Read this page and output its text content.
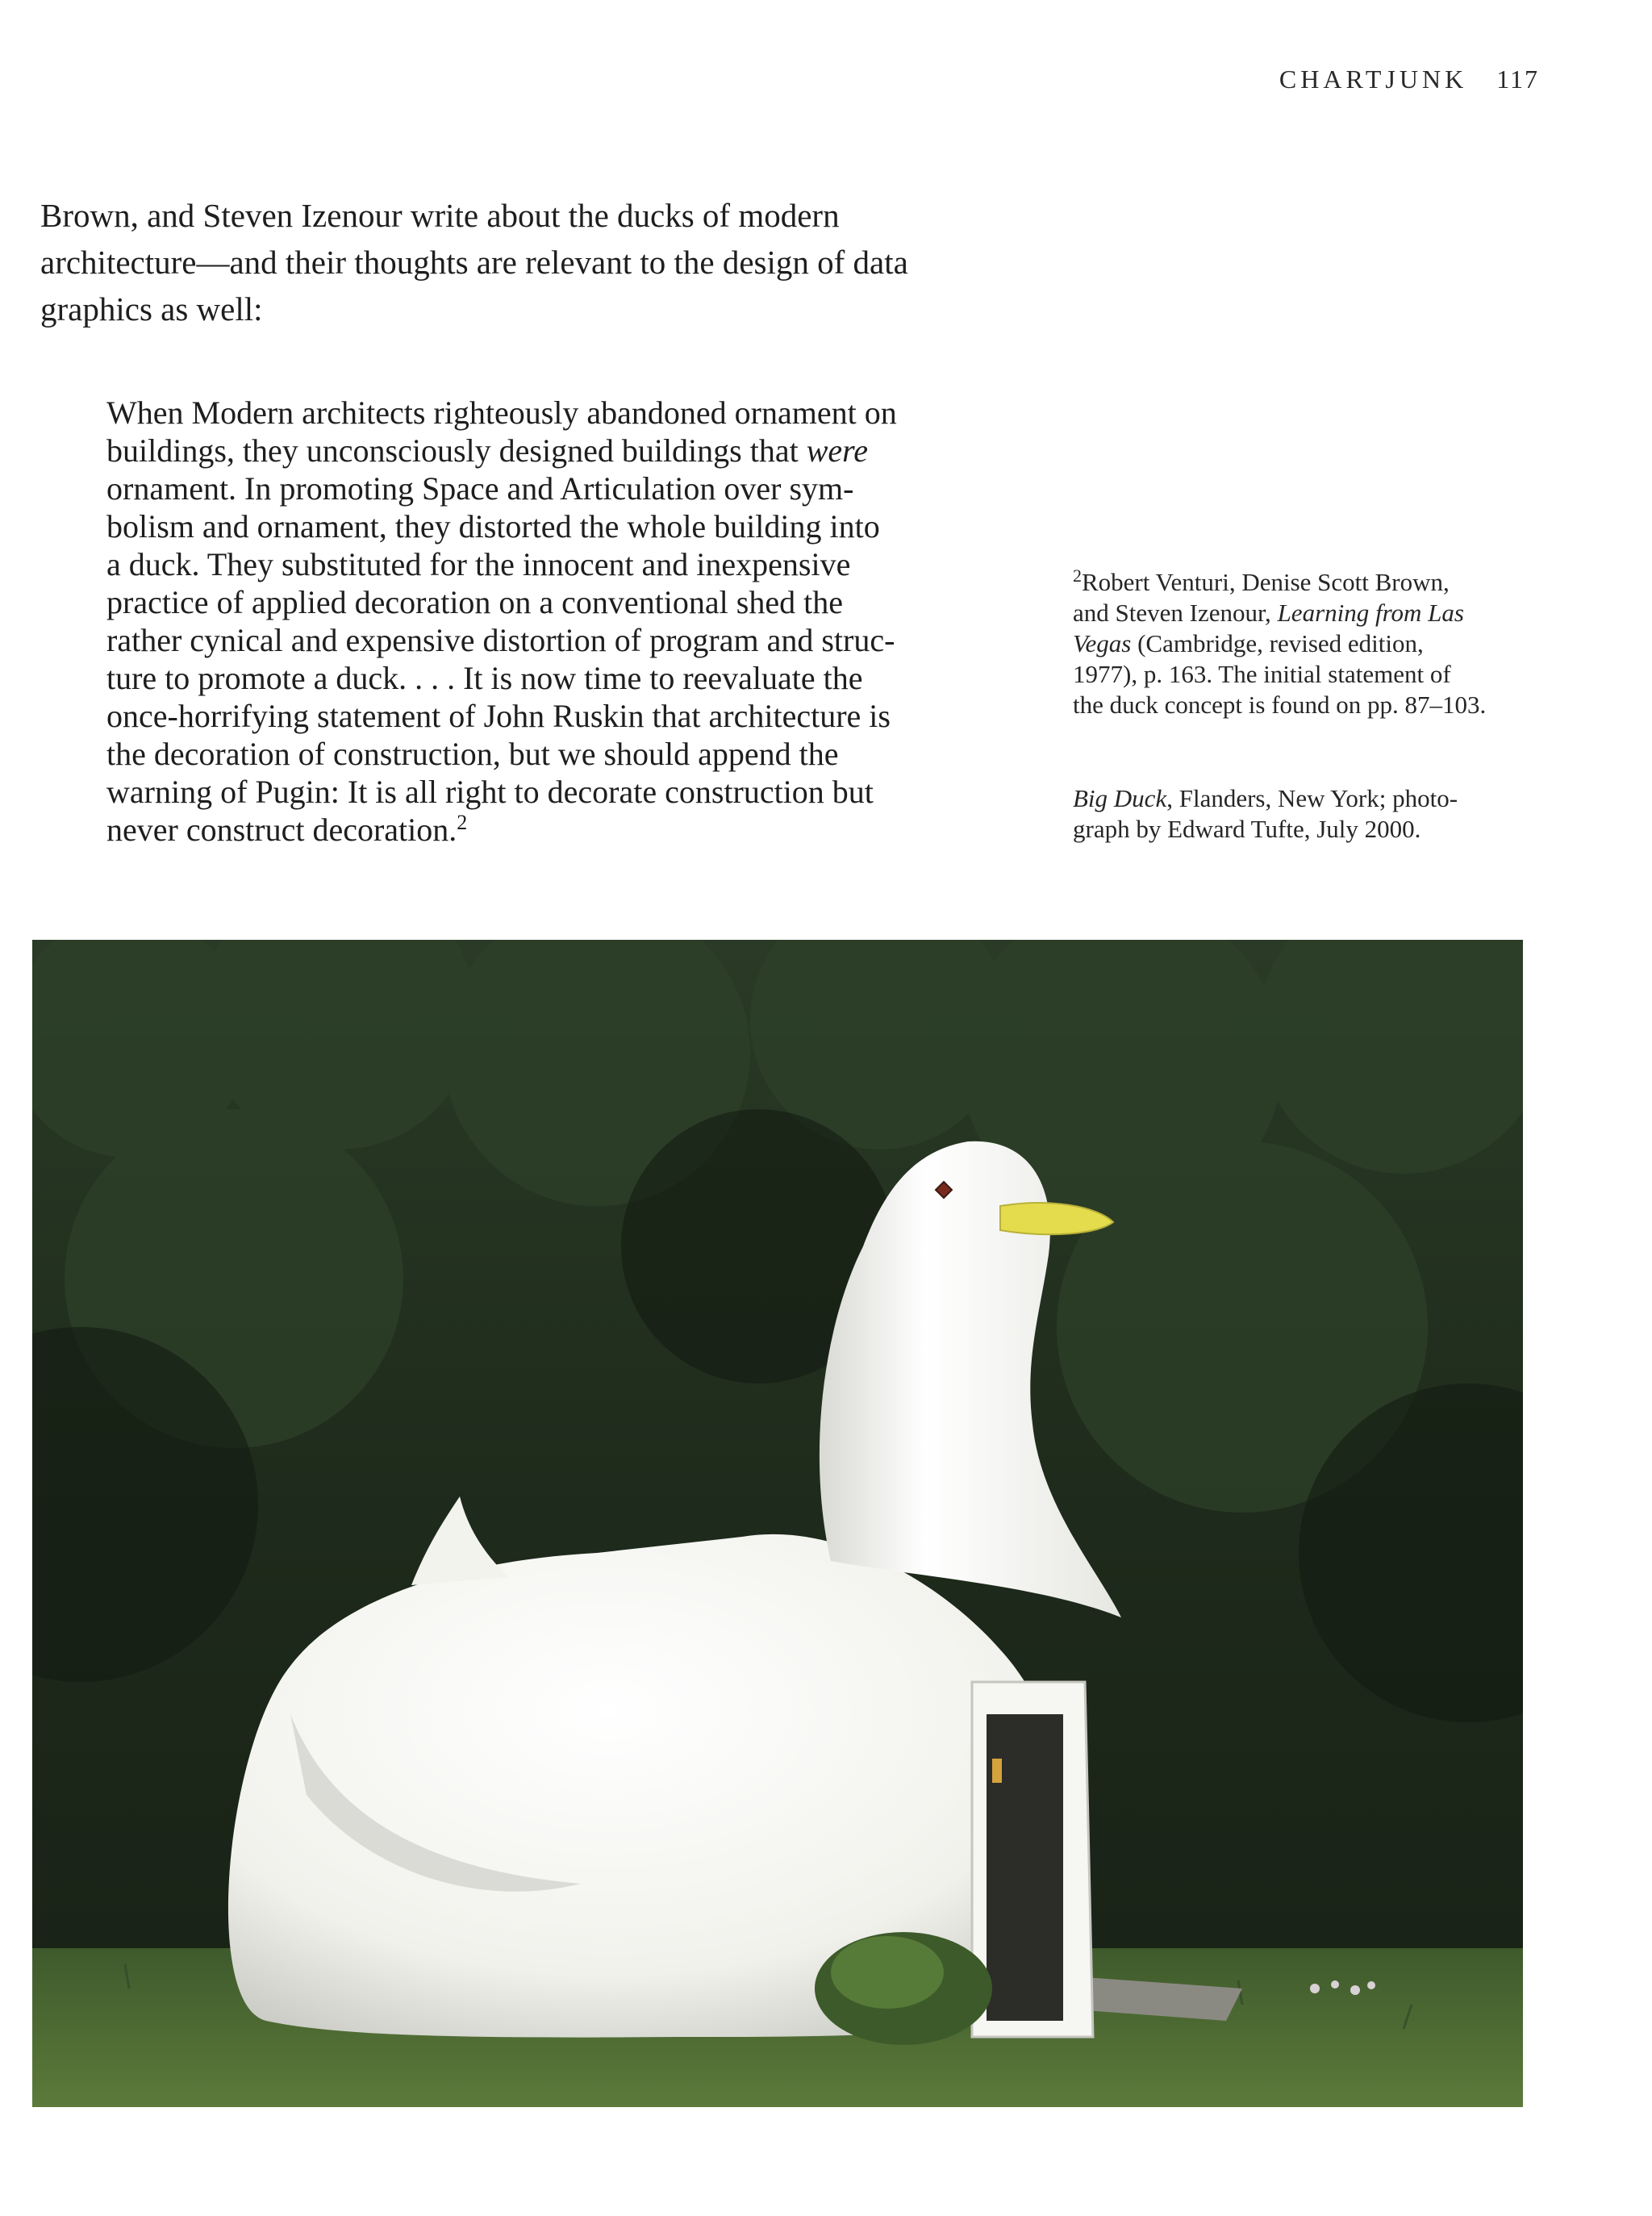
CHARTJUNK 117
Brown, and Steven Izenour write about the ducks of modern
architecture—and their thoughts are relevant to the design of data
graphics as well:
When Modern architects righteously abandoned ornament on
buildings, they unconsciously designed buildings that were
ornament. In promoting Space and Articulation over sym-
bolism and ornament, they distorted the whole building into
a duck. They substituted for the innocent and inexpensive
practice of applied decoration on a conventional shed the
rather cynical and expensive distortion of program and struc-
ture to promote a duck. . . . It is now time to reevaluate the
once-horrifying statement of John Ruskin that architecture is
the decoration of construction, but we should append the
warning of Pugin: It is all right to decorate construction but
never construct decoration.$^2$
$^2$Robert Venturi, Denise Scott Brown,
and Steven Izenour, Learning from Las
Vegas (Cambridge, revised edition,
1977), p. 163. The initial statement of
the duck concept is found on pp. 87–103.
Big Duck, Flanders, New York; photo-
graph by Edward Tufte, July 2000.
